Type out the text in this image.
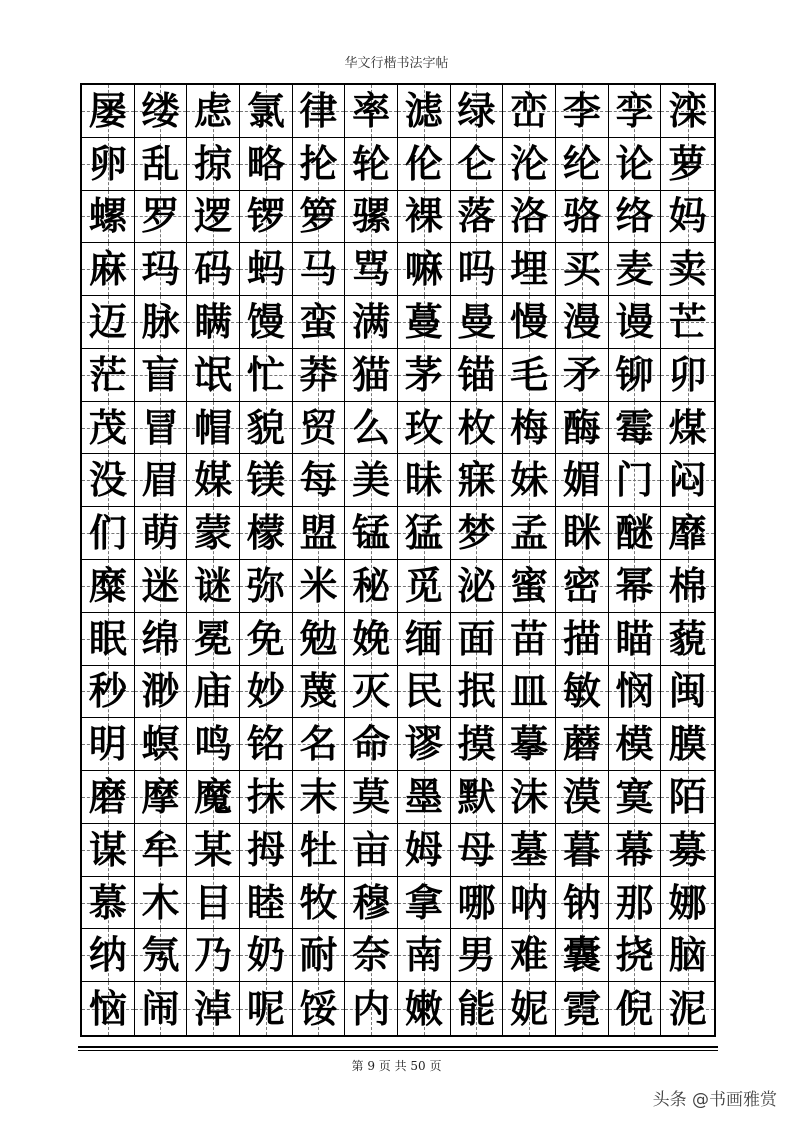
华文行楷书法字帖
屡 缕 虑 氯 律 率 滤 绿 峦 李 孪 滦
卵 乱 掠 略 抡 轮 伦 仑 沦 纶 论 萝
螺 罗 逻 锣 箩 骡 裸 落 洛 骆 络 妈
麻 玛 码 蚂 马 骂 嘛 吗 埋 买 麦 卖
迈 脉 瞒 馒 蛮 满 蔓 曼 慢 漫 谩 芒
茫 盲 氓 忙 莽 猫 茅 锚 毛 矛 铆 卯
茂 冒 帽 貌 贸 么 玫 枚 梅 酶 霉 煤
没 眉 媒 镁 每 美 昧 寐 妹 媚 门 闷
们 萌 蒙 檬 盟 锰 猛 梦 孟 眯 醚 靡
糜 迷 谜 弥 米 秘 觅 泌 蜜 密 幂 棉
眠 绵 冕 免 勉 娩 缅 面 苗 描 瞄 藐
秒 渺 庙 妙 蔑 灭 民 抿 皿 敏 悯 闽
明 螟 鸣 铭 名 命 谬 摸 摹 蘑 模 膜
磨 摩 魔 抹 末 莫 墨 默 沫 漠 寞 陌
谋 牟 某 拇 牡 亩 姆 母 墓 暮 幕 募
慕 木 目 睦 牧 穆 拿 哪 呐 钠 那 娜
纳 氖 乃 奶 耐 奈 南 男 难 囊 挠 脑
恼 闹 淖 呢 馁 内 嫩 能 妮 霓 倪 泥
第 9 页 共 50 页
头条 @书画雅赏
